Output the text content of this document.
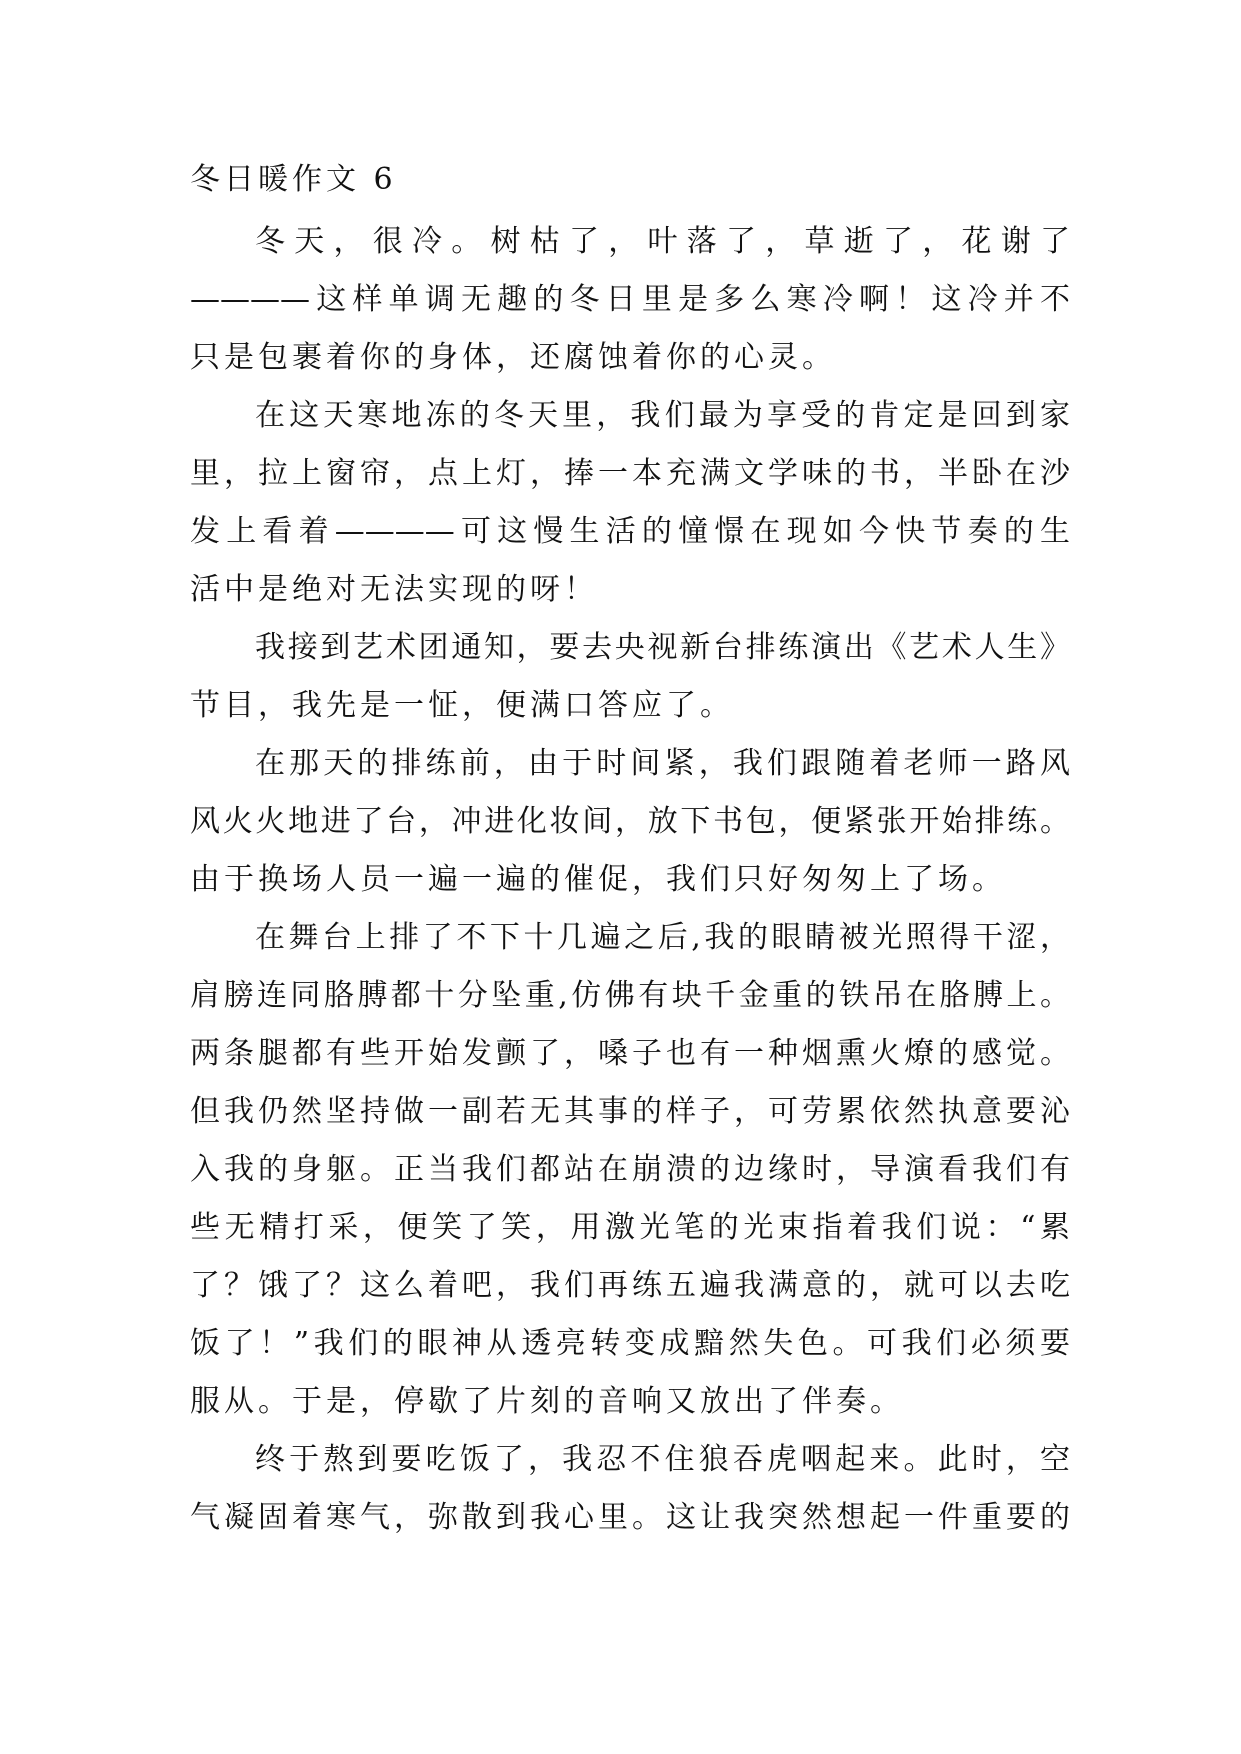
冬日暖作文 6
冬天，很冷。树枯了，叶落了，草逝了，花谢了
————这样单调无趣的冬日里是多么寒冷啊！这冷并不
只是包裹着你的身体，还腐蚀着你的心灵。
在这天寒地冻的冬天里，我们最为享受的肯定是回到家
里，拉上窗帘，点上灯，捧一本充满文学味的书，半卧在沙
发上看着————可这慢生活的憧憬在现如今快节奏的生
活中是绝对无法实现的呀！
我接到艺术团通知，要去央视新台排练演出《艺术人生》
节目，我先是一怔，便满口答应了。
在那天的排练前，由于时间紧，我们跟随着老师一路风
风火火地进了台，冲进化妆间，放下书包，便紧张开始排练。
由于换场人员一遍一遍的催促，我们只好匆匆上了场。
在舞台上排了不下十几遍之后,我的眼睛被光照得干涩，
肩膀连同胳膊都十分坠重,仿佛有块千金重的铁吊在胳膊上。
两条腿都有些开始发颤了，嗓子也有一种烟熏火燎的感觉。
但我仍然坚持做一副若无其事的样子，可劳累依然执意要沁
入我的身躯。正当我们都站在崩溃的边缘时，导演看我们有
些无精打采，便笑了笑，用激光笔的光束指着我们说：“累
了？饿了？这么着吧，我们再练五遍我满意的，就可以去吃
饭了！”我们的眼神从透亮转变成黯然失色。可我们必须要
服从。于是，停歇了片刻的音响又放出了伴奏。
终于熬到要吃饭了，我忍不住狼吞虎咽起来。此时，空
气凝固着寒气，弥散到我心里。这让我突然想起一件重要的
